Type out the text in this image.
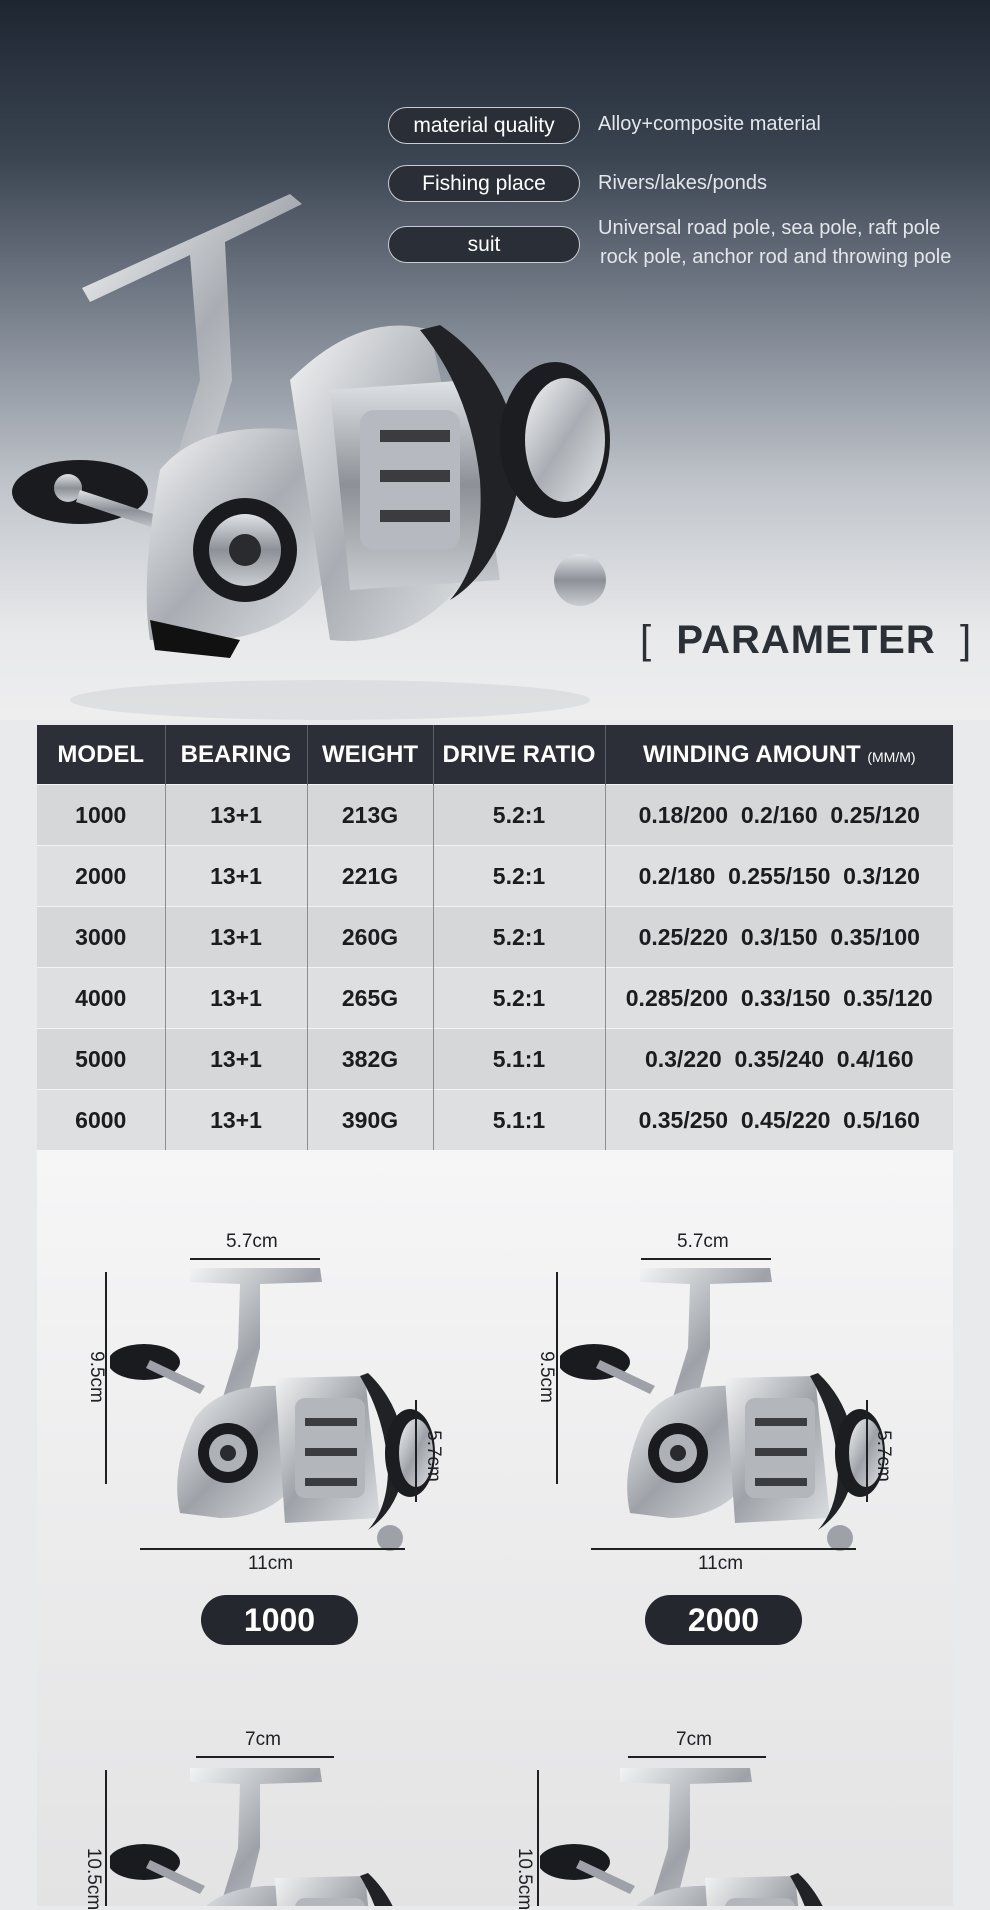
material quality	Alloy+composite material
Fishing place	Rivers/lakes/ponds
suit
Universal road pole, sea pole, raft pole
rock pole, anchor rod and throwing pole
[ PARAMETER ]
MODEL	BEARING	WEIGHT	DRIVE RATIO	WINDING AMOUNT (MM/M)
1000	13+1	213G	5.2:1	0.18/200  0.2/160  0.25/120
2000	13+1	221G	5.2:1	0.2/180  0.255/150  0.3/120
3000	13+1	260G	5.2:1	0.25/220  0.3/150  0.35/100
4000	13+1	265G	5.2:1	0.285/200  0.33/150  0.35/120
5000	13+1	382G	5.1:1	0.3/220  0.35/240  0.4/160
6000	13+1	390G	5.1:1	0.35/250  0.45/220  0.5/160
5.7cm
9.5cm
5.7cm
11cm
1000
5.7cm
9.5cm
5.7cm
11cm
2000
7cm
10.5cm
7cm
10.5cm
